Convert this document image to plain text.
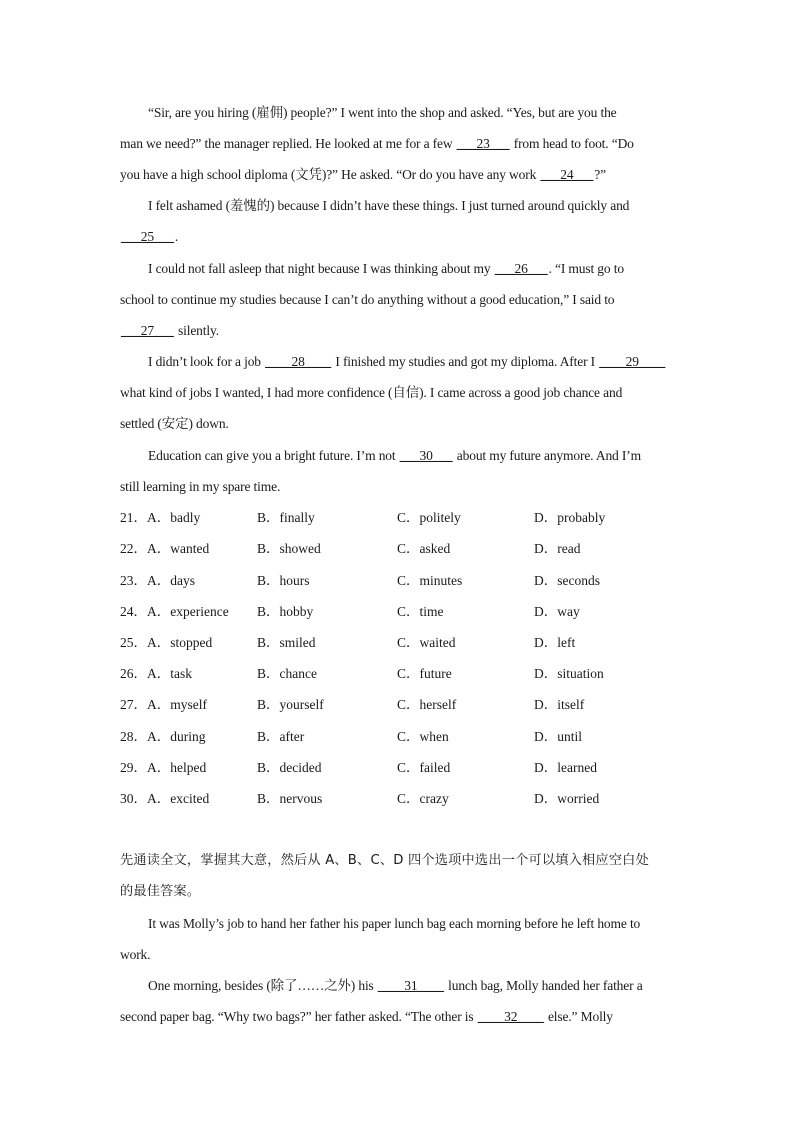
“Sir, are you hiring (雇佣) people?” I went into the shop and asked. “Yes, but are you the
man we need?” the manager replied. He looked at me for a few ___23___ from head to foot. “Do
you have a high school diploma (文凭)?” He asked. “Or do you have any work ___24___?”
I felt ashamed (羞愧的) because I didn’t have these things. I just turned around quickly and
___25___.
I could not fall asleep that night because I was thinking about my ___26___. “I must go to
school to continue my studies because I can’t do anything without a good education,” I said to
___27___ silently.
I didn’t look for a job ____28____ I finished my studies and got my diploma. After I ____29____
what kind of jobs I wanted, I had more confidence (自信). I came across a good job chance and
settled (安定) down.
Education can give you a bright future. I’m not ___30___ about my future anymore. And I’m
still learning in my spare time.
21．A．badly	B．finally	C．politely	D．probably
22．A．wanted	B．showed	C．asked	D．read
23．A．days	B．hours	C．minutes	D．seconds
24．A．experience B．hobby	C．time	D．way
25．A．stopped	B．smiled	C．waited	D．left
26．A．task	B．chance	C．future	D．situation
27．A．myself	B．yourself	C．herself	D．itself
28．A．during	B．after	C．when	D．until
29．A．helped	B．decided	C．failed	D．learned
30．A．excited	B．nervous	C．crazy	D．worried
先通读全文，掌握其大意，然后从 A、B、C、D 四个选项中选出一个可以填入相应空白处
的最佳答案。
It was Molly’s job to hand her father his paper lunch bag each morning before he left home to
work.
One morning, besides (除了……之外) his ____31____ lunch bag, Molly handed her father a
second paper bag. “Why two bags?” her father asked. “The other is ____32____ else.” Molly
